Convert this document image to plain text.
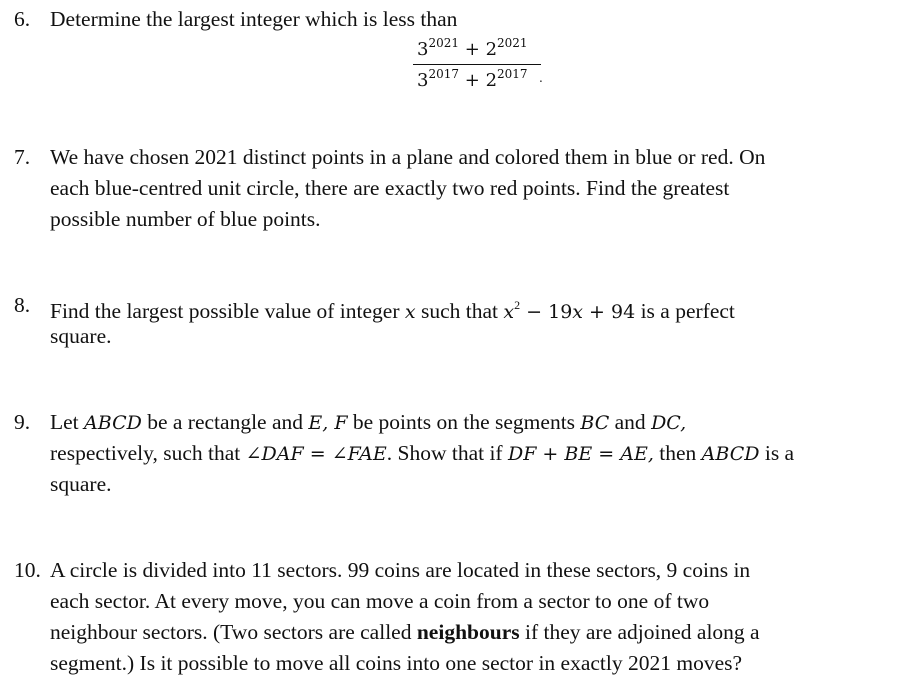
6. Determine the largest integer which is less than
$3^{2021} + 2^{2021}$
$3^{2017} + 2^{2017}$ .
7. We have chosen 2021 distinct points in a plane and colored them in blue or red. On
each blue-centred unit circle, there are exactly two red points. Find the greatest
possible number of blue points.
8. Find the largest possible value of integer x such that $x^2 - 19x + 94$ is a perfect
square.
9. Let ABCD be a rectangle and E, F be points on the segments BC and DC,
respectively, such that ∠DAF = ∠FAE. Show that if DF + BE = AE, then ABCD is a
square.
10. A circle is divided into 11 sectors. 99 coins are located in these sectors, 9 coins in
each sector. At every move, you can move a coin from a sector to one of two
neighbour sectors. (Two sectors are called neighbours if they are adjoined along a
segment.) Is it possible to move all coins into one sector in exactly 2021 moves?
